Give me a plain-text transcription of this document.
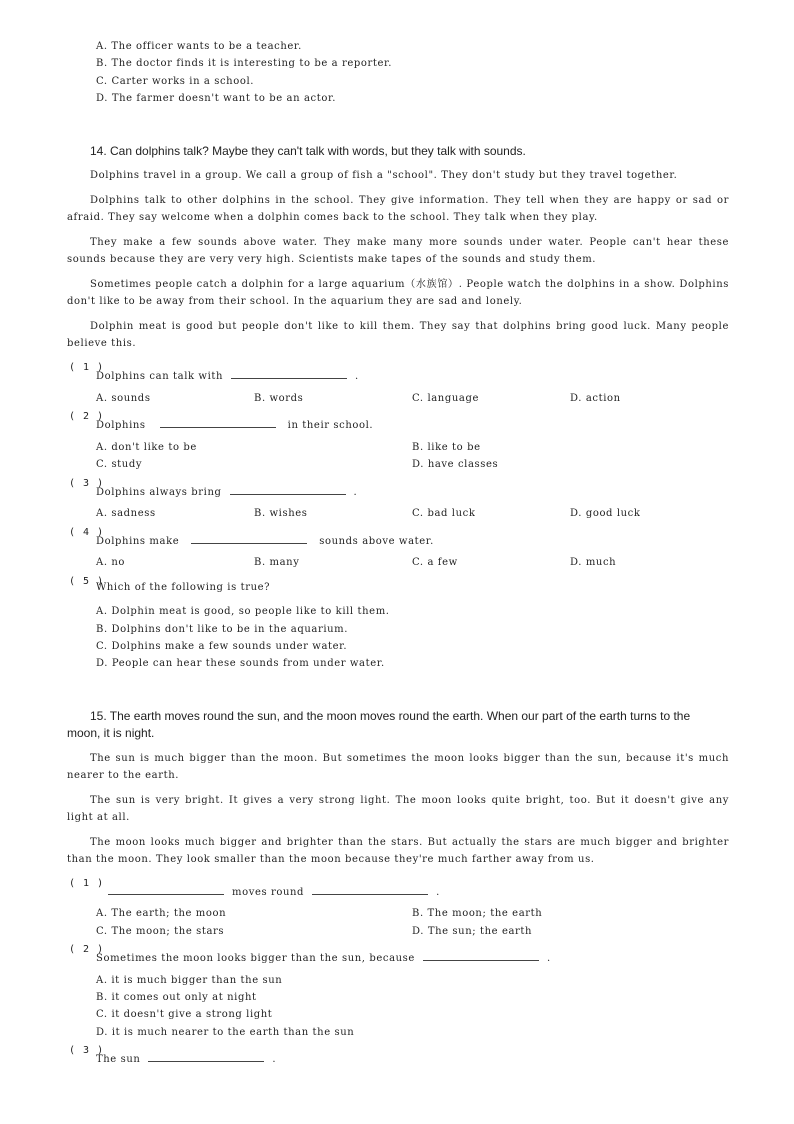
A. The officer wants to be a teacher.
B. The doctor finds it is interesting to be a reporter.
C. Carter works in a school.
D. The farmer doesn't want to be an actor.
14. Can dolphins talk? Maybe they can't talk with words, but they talk with sounds.
Dolphins travel in a group. We call a group of fish a "school". They don't study but they travel together.
Dolphins talk to other dolphins in the school. They give information. They tell when they are happy or sad or afraid. They say welcome when a dolphin comes back to the school. They talk when they play.
They make a few sounds above water. They make many more sounds under water. People can't hear these sounds because they are very very high. Scientists make tapes of the sounds and study them.
Sometimes people catch a dolphin for a large aquarium（水族馆）. People watch the dolphins in a show. Dolphins don't like to be away from their school. In the aquarium they are sad and lonely.
Dolphin meat is good but people don't like to kill them. They say that dolphins bring good luck. Many people believe this.
( 1 )
Dolphins can talk with	.
A. sounds	B. words	C. language	D. action
( 2 )
Dolphins	in their school.
A. don't like to be	B. like to be
C. study	D. have classes
( 3 )
Dolphins always bring	.
A. sadness	B. wishes	C. bad luck	D. good luck
( 4 )
Dolphins make	sounds above water.
A. no	B. many	C. a few	D. much
( 5 )
Which of the following is true?
A. Dolphin meat is good, so people like to kill them.
B. Dolphins don't like to be in the aquarium.
C. Dolphins make a few sounds under water.
D. People can hear these sounds from under water.
15. The earth moves round the sun, and the moon moves round the earth. When our part of the earth turns to the
moon, it is night.
The sun is much bigger than the moon. But sometimes the moon looks bigger than the sun, because it's much nearer to the earth.
The sun is very bright. It gives a very strong light. The moon looks quite bright, too. But it doesn't give any light at all.
The moon looks much bigger and brighter than the stars. But actually the stars are much bigger and brighter than the moon. They look smaller than the moon because they're much farther away from us.
( 1 )
moves round	.
A. The earth; the moon	B. The moon; the earth
C. The moon; the stars	D. The sun; the earth
( 2 )
Sometimes the moon looks bigger than the sun, because	.
A. it is much bigger than the sun
B. it comes out only at night
C. it doesn't give a strong light
D. it is much nearer to the earth than the sun
( 3 )
The sun	.
